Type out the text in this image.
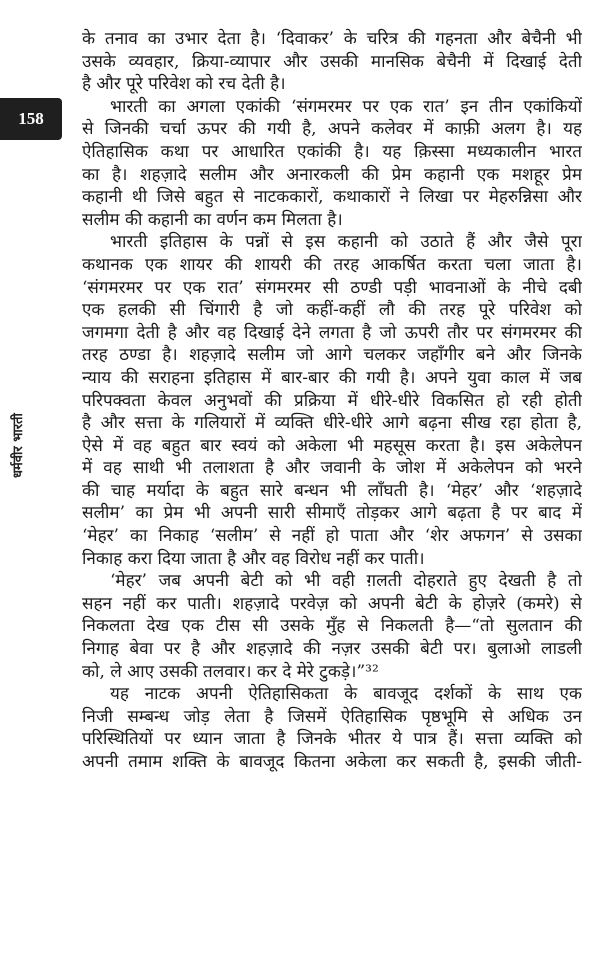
158
धर्मवीर भारती
के तनाव का उभार देता है। ‘दिवाकर’ के चरित्र की गहनता और बेचैनी भी
उसके व्यवहार, क्रिया-व्यापार और उसकी मानसिक बेचैनी में दिखाई देती
है और पूरे परिवेश को रच देती है।
भारती का अगला एकांकी ‘संगमरमर पर एक रात’ इन तीन एकांकियों
से जिनकी चर्चा ऊपर की गयी है, अपने कलेवर में काफ़ी अलग है। यह
ऐतिहासिक कथा पर आधारित एकांकी है। यह क़िस्सा मध्यकालीन भारत
का है। शहज़ादे सलीम और अनारकली की प्रेम कहानी एक मशहूर प्रेम
कहानी थी जिसे बहुत से नाटककारों, कथाकारों ने लिखा पर मेहरुन्निसा और
सलीम की कहानी का वर्णन कम मिलता है।
भारती इतिहास के पन्नों से इस कहानी को उठाते हैं और जैसे पूरा
कथानक एक शायर की शायरी की तरह आकर्षित करता चला जाता है।
‘संगमरमर पर एक रात’ संगमरमर सी ठण्डी पड़ी भावनाओं के नीचे दबी
एक हलकी सी चिंगारी है जो कहीं-कहीं लौ की तरह पूरे परिवेश को
जगमगा देती है और वह दिखाई देने लगता है जो ऊपरी तौर पर संगमरमर की
तरह ठण्डा है। शहज़ादे सलीम जो आगे चलकर जहाँगीर बने और जिनके
न्याय की सराहना इतिहास में बार-बार की गयी है। अपने युवा काल में जब
परिपक्वता केवल अनुभवों की प्रक्रिया में धीरे-धीरे विकसित हो रही होती
है और सत्ता के गलियारों में व्यक्ति धीरे-धीरे आगे बढ़ना सीख रहा होता है,
ऐसे में वह बहुत बार स्वयं को अकेला भी महसूस करता है। इस अकेलेपन
में वह साथी भी तलाशता है और जवानी के जोश में अकेलेपन को भरने
की चाह मर्यादा के बहुत सारे बन्धन भी लाँघती है। ‘मेहर’ और ‘शहज़ादे
सलीम’ का प्रेम भी अपनी सारी सीमाएँ तोड़कर आगे बढ़ता है पर बाद में
‘मेहर’ का निकाह ‘सलीम’ से नहीं हो पाता और ‘शेर अफगन’ से उसका
निकाह करा दिया जाता है और वह विरोध नहीं कर पाती।
‘मेहर’ जब अपनी बेटी को भी वही ग़लती दोहराते हुए देखती है तो
सहन नहीं कर पाती। शहज़ादे परवेज़ को अपनी बेटी के होज़रे (कमरे) से
निकलता देख एक टीस सी उसके मुँह से निकलती है—“तो सुलतान की
निगाह बेवा पर है और शहज़ादे की नज़र उसकी बेटी पर। बुलाओ लाडली
को, ले आए उसकी तलवार। कर दे मेरे टुकड़े।”³²
यह नाटक अपनी ऐतिहासिकता के बावजूद दर्शकों के साथ एक
निजी सम्बन्ध जोड़ लेता है जिसमें ऐतिहासिक पृष्ठभूमि से अधिक उन
परिस्थितियों पर ध्यान जाता है जिनके भीतर ये पात्र हैं। सत्ता व्यक्ति को
अपनी तमाम शक्ति के बावजूद कितना अकेला कर सकती है, इसकी जीती-
